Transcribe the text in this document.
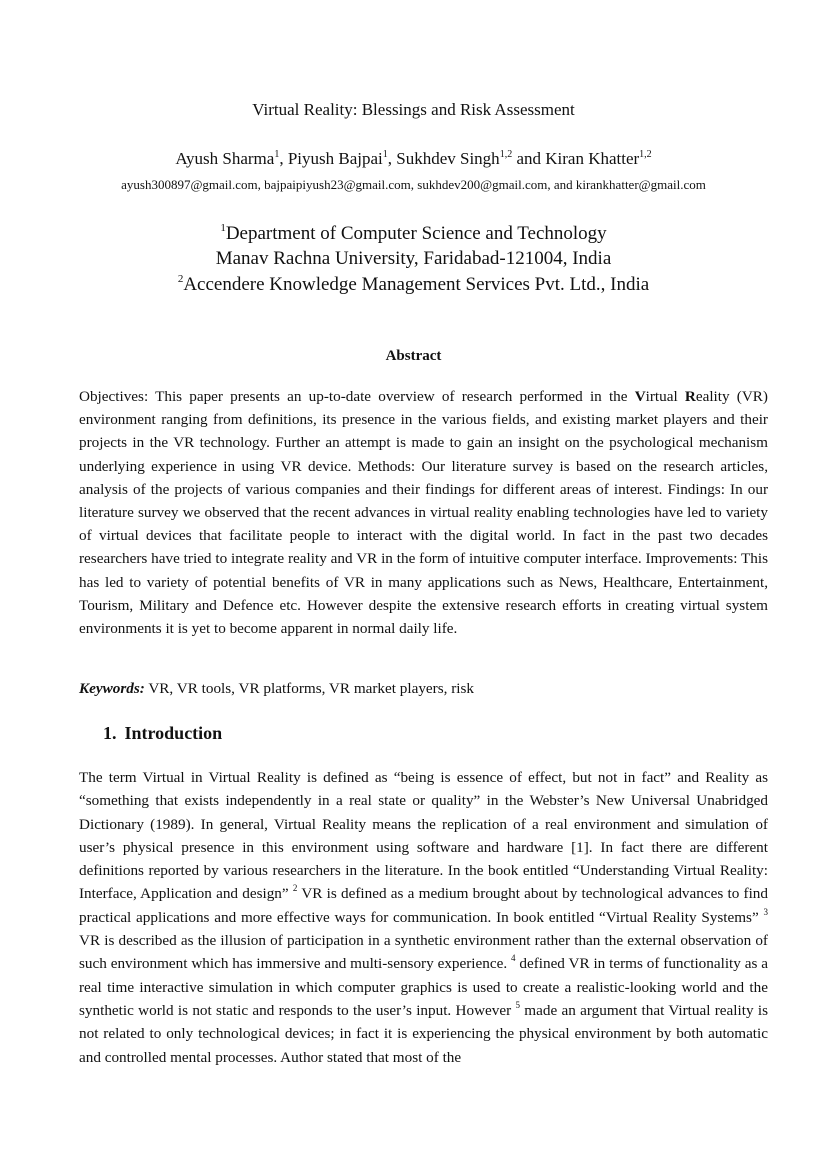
Virtual Reality: Blessings and Risk Assessment
Ayush Sharma$^1$, Piyush Bajpai$^1$, Sukhdev Singh$^{1,2}$ and Kiran Khatter$^{1,2}$
ayush300897@gmail.com, bajpaipiyush23@gmail.com, sukhdev200@gmail.com, and kirankhatter@gmail.com
$^1$Department of Computer Science and Technology
Manav Rachna University, Faridabad-121004, India
$^2$Accendere Knowledge Management Services Pvt. Ltd., India
Abstract

Objectives: This paper presents an up-to-date overview of research performed in the Virtual Reality (VR) environment ranging from definitions, its presence in the various fields, and existing market players and their projects in the VR technology. Further an attempt is made to gain an insight on the psychological mechanism underlying experience in using VR device. Methods: Our literature survey is based on the research articles, analysis of the projects of various companies and their findings for different areas of interest. Findings: In our literature survey we observed that the recent advances in virtual reality enabling technologies have led to variety of virtual devices that facilitate people to interact with the digital world. In fact in the past two decades researchers have tried to integrate reality and VR in the form of intuitive computer interface. Improvements: This has led to variety of potential benefits of VR in many applications such as News, Healthcare, Entertainment, Tourism, Military and Defence etc. However despite the extensive research efforts in creating virtual system environments it is yet to become apparent in normal daily life.

Keywords: VR, VR tools, VR platforms, VR market players, risk

1. Introduction

The term Virtual in Virtual Reality is defined as “being is essence of effect, but not in fact” and Reality as “something that exists independently in a real state or quality” in the Webster’s New Universal Unabridged Dictionary (1989). In general, Virtual Reality means the replication of a real environment and simulation of user’s physical presence in this environment using software and hardware [1]. In fact there are different definitions reported by various researchers in the literature. In the book entitled “Understanding Virtual Reality: Interface, Application and design” $^2$ VR is defined as a medium brought about by technological advances to find practical applications and more effective ways for communication. In book entitled “Virtual Reality Systems” $^3$ VR is described as the illusion of participation in a synthetic environment rather than the external observation of such environment which has immersive and multi-sensory experience. $^4$ defined VR in terms of functionality as a real time interactive simulation in which computer graphics is used to create a realistic-looking world and the synthetic world is not static and responds to the user’s input. However $^5$ made an argument that Virtual reality is not related to only technological devices; in fact it is experiencing the physical environment by both automatic and controlled mental processes. Author stated that most of the
